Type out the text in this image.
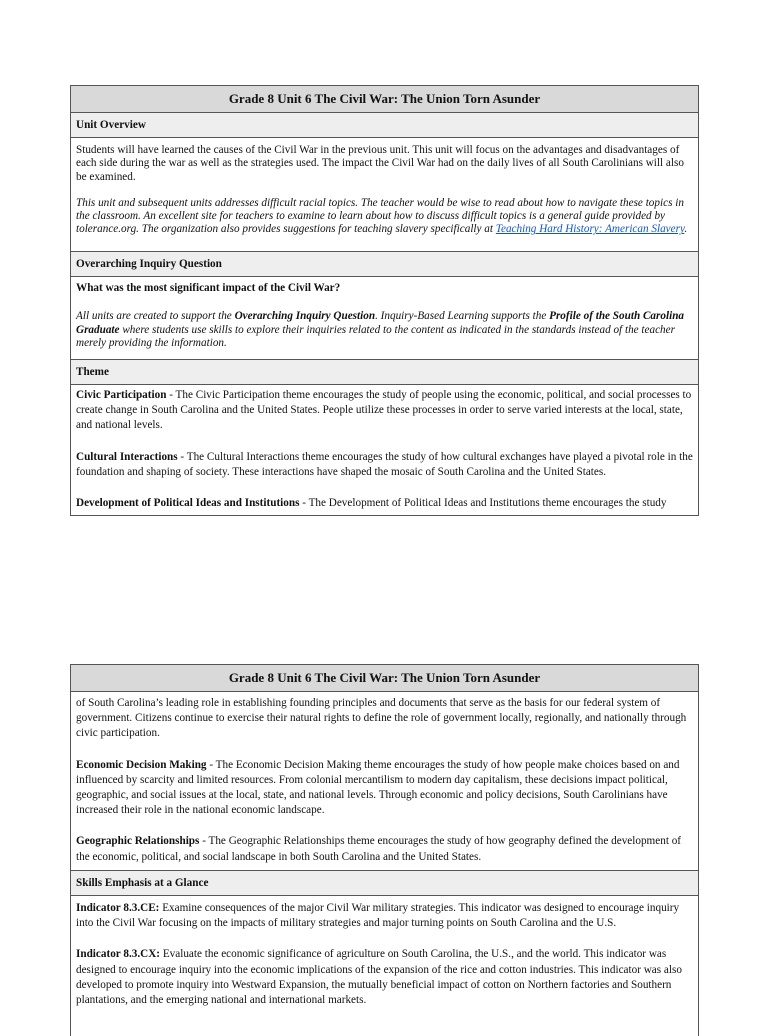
Grade 8 Unit 6 The Civil War: The Union Torn Asunder
Unit Overview

Students will have learned the causes of the Civil War in the previous unit. This unit will focus on the advantages and disadvantages of each side during the war as well as the strategies used. The impact the Civil War had on the daily lives of all South Carolinians will also be examined.

This unit and subsequent units addresses difficult racial topics. The teacher would be wise to read about how to navigate these topics in the classroom. An excellent site for teachers to examine to learn about how to discuss difficult topics is a general guide provided by tolerance.org. The organization also provides suggestions for teaching slavery specifically at Teaching Hard History: American Slavery.

Overarching Inquiry Question

What was the most significant impact of the Civil War?

All units are created to support the Overarching Inquiry Question. Inquiry-Based Learning supports the Profile of the South Carolina Graduate where students use skills to explore their inquiries related to the content as indicated in the standards instead of the teacher merely providing the information.

Theme

Civic Participation - The Civic Participation theme encourages the study of people using the economic, political, and social processes to create change in South Carolina and the United States. People utilize these processes in order to serve varied interests at the local, state, and national levels.

Cultural Interactions - The Cultural Interactions theme encourages the study of how cultural exchanges have played a pivotal role in the foundation and shaping of society. These interactions have shaped the mosaic of South Carolina and the United States.

Development of Political Ideas and Institutions - The Development of Political Ideas and Institutions theme encourages the study

Grade 8 Unit 6 The Civil War: The Union Torn Asunder

of South Carolina’s leading role in establishing founding principles and documents that serve as the basis for our federal system of government. Citizens continue to exercise their natural rights to define the role of government locally, regionally, and nationally through civic participation.

Economic Decision Making - The Economic Decision Making theme encourages the study of how people make choices based on and influenced by scarcity and limited resources. From colonial mercantilism to modern day capitalism, these decisions impact political, geographic, and social issues at the local, state, and national levels. Through economic and policy decisions, South Carolinians have increased their role in the national economic landscape.

Geographic Relationships - The Geographic Relationships theme encourages the study of how geography defined the development of the economic, political, and social landscape in both South Carolina and the United States.

Skills Emphasis at a Glance

Indicator 8.3.CE: Examine consequences of the major Civil War military strategies. This indicator was designed to encourage inquiry into the Civil War focusing on the impacts of military strategies and major turning points on South Carolina and the U.S.

Indicator 8.3.CX: Evaluate the economic significance of agriculture on South Carolina, the U.S., and the world. This indicator was designed to encourage inquiry into the economic implications of the expansion of the rice and cotton industries. This indicator was also developed to promote inquiry into Westward Expansion, the mutually beneficial impact of cotton on Northern factories and Southern plantations, and the emerging national and international markets.
